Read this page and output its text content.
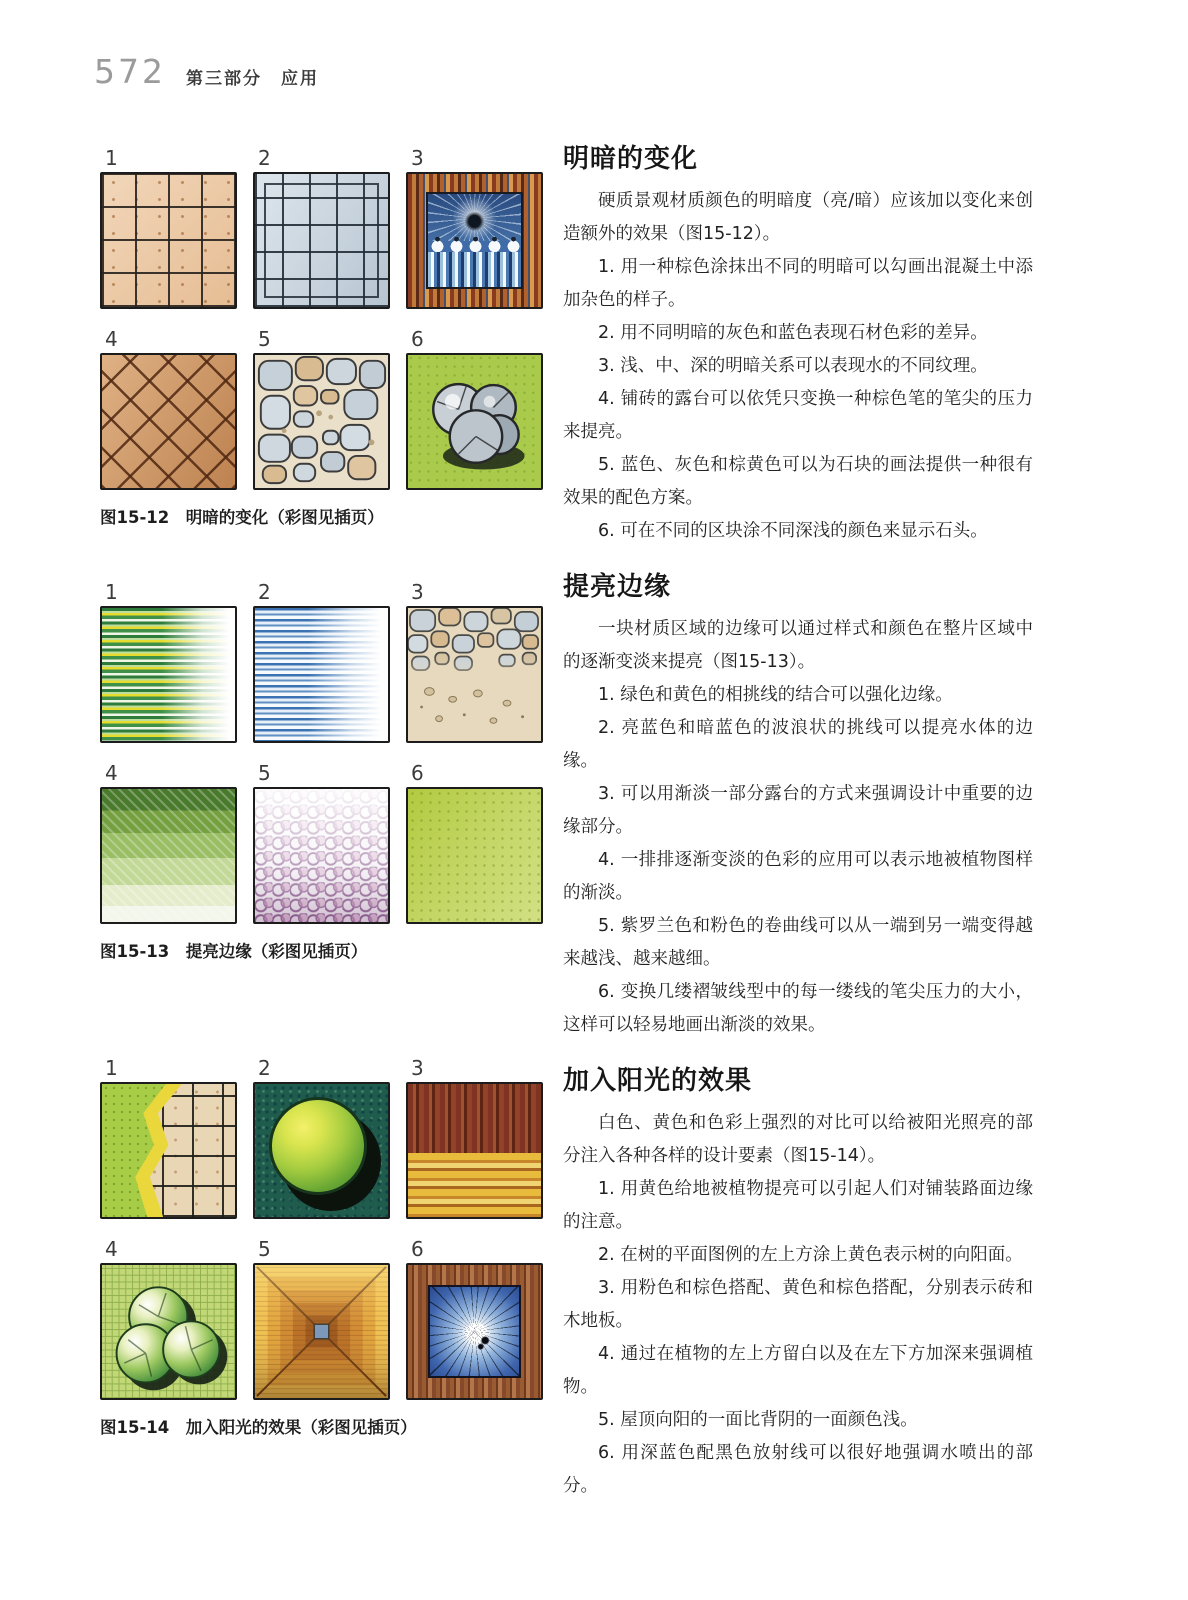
572 第三部分　应用
1	2	3
4	5	6
图15-12　明暗的变化（彩图见插页）
1	2	3
4	5	6
图15-13　提亮边缘（彩图见插页）
1	2	3
4	5	6
图15-14　加入阳光的效果（彩图见插页）
明暗的变化

硬质景观材质颜色的明暗度（亮/暗）应该加以变化来创造额外的效果（图15-12）。

1. 用一种棕色涂抹出不同的明暗可以勾画出混凝土中添加杂色的样子。

2. 用不同明暗的灰色和蓝色表现石材色彩的差异。

3. 浅、中、深的明暗关系可以表现水的不同纹理。

4. 铺砖的露台可以依凭只变换一种棕色笔的笔尖的压力来提亮。

5. 蓝色、灰色和棕黄色可以为石块的画法提供一种很有效果的配色方案。

6. 可在不同的区块涂不同深浅的颜色来显示石头。

提亮边缘

一块材质区域的边缘可以通过样式和颜色在整片区域中的逐渐变淡来提亮（图15-13）。

1. 绿色和黄色的相挑线的结合可以强化边缘。

2. 亮蓝色和暗蓝色的波浪状的挑线可以提亮水体的边缘。

3. 可以用渐淡一部分露台的方式来强调设计中重要的边缘部分。

4. 一排排逐渐变淡的色彩的应用可以表示地被植物图样的渐淡。

5. 紫罗兰色和粉色的卷曲线可以从一端到另一端变得越来越浅、越来越细。

6. 变换几缕褶皱线型中的每一缕线的笔尖压力的大小，这样可以轻易地画出渐淡的效果。

加入阳光的效果

白色、黄色和色彩上强烈的对比可以给被阳光照亮的部分注入各种各样的设计要素（图15-14）。

1. 用黄色给地被植物提亮可以引起人们对铺装路面边缘的注意。

2. 在树的平面图例的左上方涂上黄色表示树的向阳面。

3. 用粉色和棕色搭配、黄色和棕色搭配，分别表示砖和木地板。

4. 通过在植物的左上方留白以及在左下方加深来强调植物。

5. 屋顶向阳的一面比背阴的一面颜色浅。

6. 用深蓝色配黑色放射线可以很好地强调水喷出的部分。
